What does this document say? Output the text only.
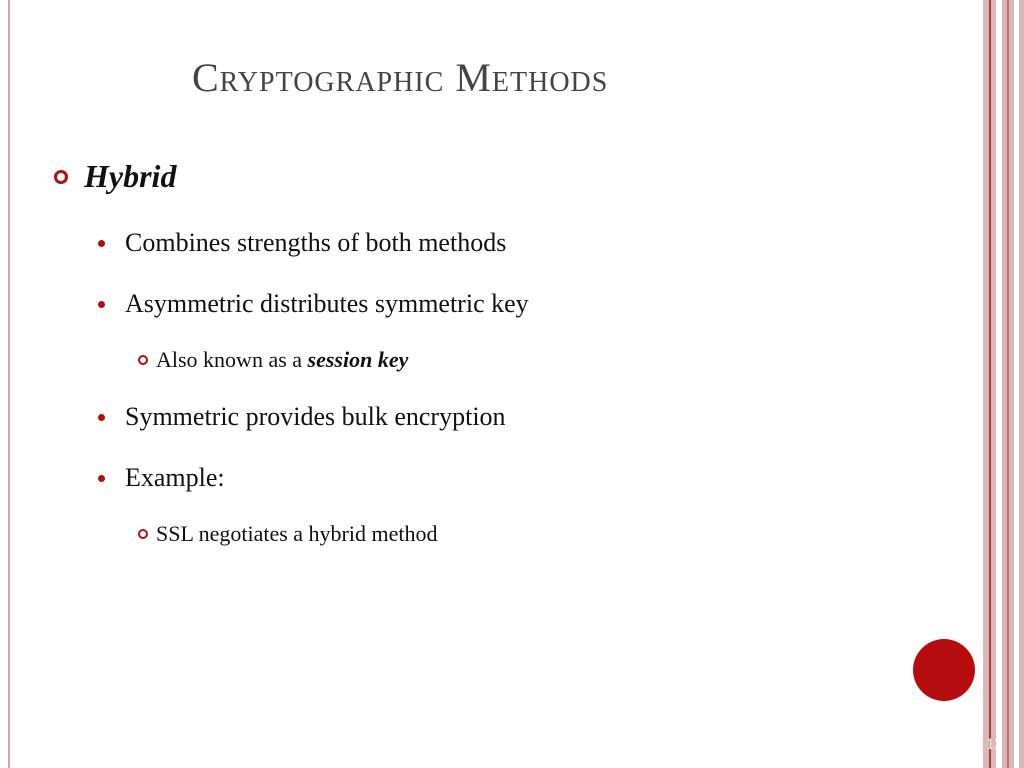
Cryptographic Methods
Hybrid
Combines strengths of both methods
Asymmetric distributes symmetric key
Also known as a session key
Symmetric provides bulk encryption
Example:
SSL negotiates a hybrid method
13
